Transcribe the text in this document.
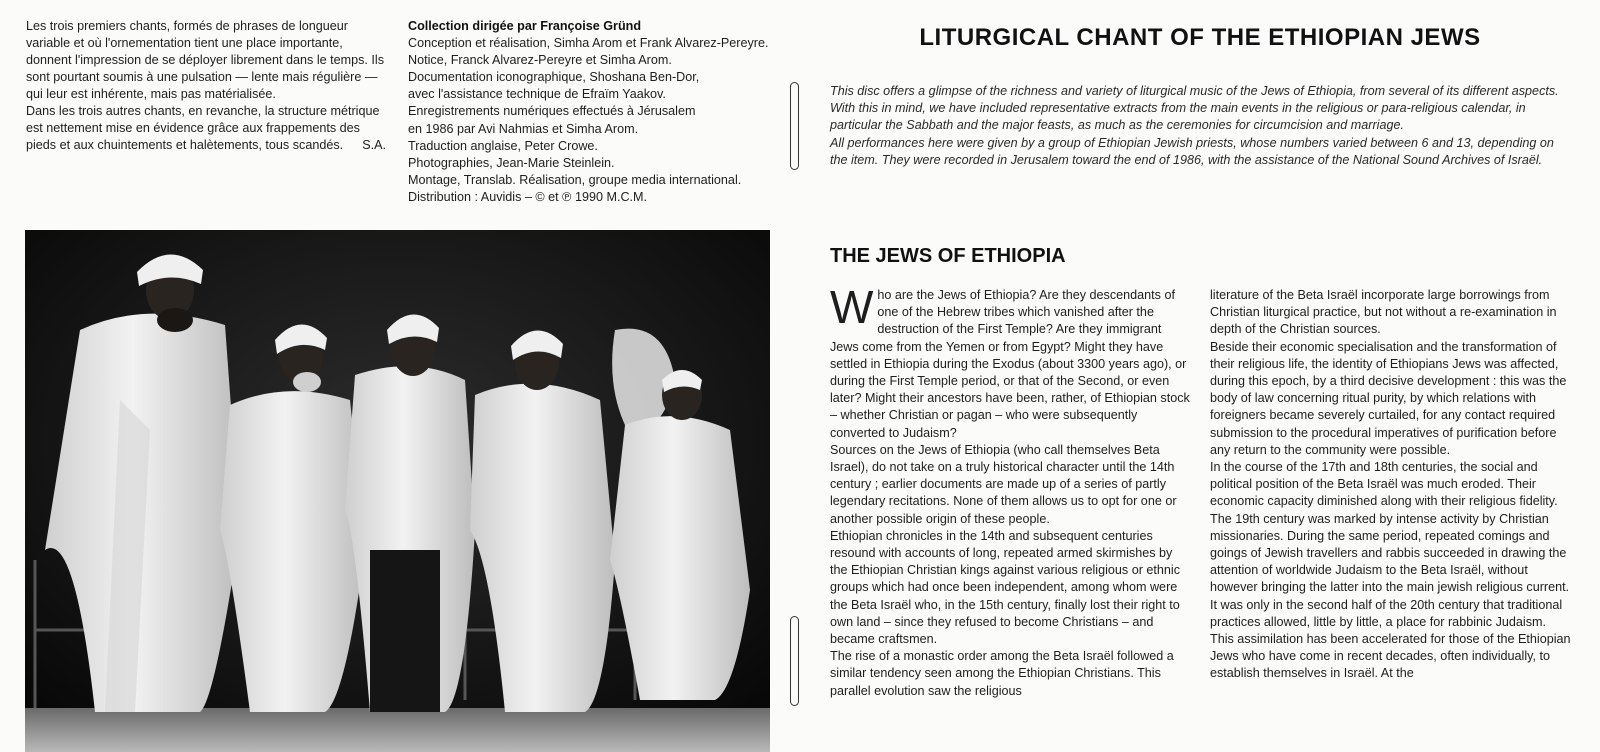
Les trois premiers chants, formés de phrases de longueur variable et où l'ornementation tient une place importante,

donnent l'impression de se déployer librement dans le temps. Ils sont pourtant soumis à une pulsation — lente mais régulière — qui leur est inhérente, mais pas matérialisée.

Dans les trois autres chants, en revanche, la structure métrique est nettement mise en évidence grâce aux frappements des pieds et aux chuintements et halètements, tous scandés.	S.A.
Collection dirigée par Françoise Gründ
Conception et réalisation, Simha Arom et Frank Alvarez-Pereyre.
Notice, Franck Alvarez-Pereyre et Simha Arom.
Documentation iconographique, Shoshana Ben-Dor,
avec l'assistance technique de Efraïm Yaakov.
Enregistrements numériques effectués à Jérusalem
en 1986 par Avi Nahmias et Simha Arom.
Traduction anglaise, Peter Crowe.
Photographies, Jean-Marie Steinlein.
Montage, Translab. Réalisation, groupe media international.
Distribution : Auvidis – © et ℗ 1990 M.C.M.
LITURGICAL CHANT OF THE ETHIOPIAN JEWS

This disc offers a glimpse of the richness and variety of liturgical music of the Jews of Ethiopia, from several of its different aspects. With this in mind, we have included representative extracts from the main events in the religious or para-religious calendar, in particular the Sabbath and the major feasts, as much as the ceremonies for circumcision and marriage.

All performances here were given by a group of Ethiopian Jewish priests, whose numbers varied between 6 and 13, depending on the item. They were recorded in Jerusalem toward the end of 1986, with the assistance of the National Sound Archives of Israël.

THE JEWS OF ETHIOPIA

Who are the Jews of Ethiopia? Are they descendants of one of the Hebrew tribes which vanished after the destruction of the First Temple? Are they immigrant Jews come from the Yemen or from Egypt? Might they have settled in Ethiopia during the Exodus (about 3300 years ago), or during the First Temple period, or that of the Second, or even later? Might their ancestors have been, rather, of Ethiopian stock – whether Christian or pagan – who were subsequently converted to Judaism?

Sources on the Jews of Ethiopia (who call themselves Beta Israel), do not take on a truly historical character until the 14th century ; earlier documents are made up of a series of partly legendary recitations. None of them allows us to opt for one or another possible origin of these people.

Ethiopian chronicles in the 14th and subsequent centuries resound with accounts of long, repeated armed skirmishes by the Ethiopian Christian kings against various religious or ethnic groups which had once been independent, among whom were the Beta Israël who, in the 15th century, finally lost their right to own land – since they refused to become Christians – and became craftsmen.

The rise of a monastic order among the Beta Israël followed a similar tendency seen among the Ethiopian Christians. This parallel evolution saw the religious

literature of the Beta Israël incorporate large borrowings from Christian liturgical practice, but not without a re-examination in depth of the Christian sources.

Beside their economic specialisation and the transformation of their religious life, the identity of Ethiopians Jews was affected, during this epoch, by a third decisive development : this was the body of law concerning ritual purity, by which relations with foreigners became severely curtailed, for any contact required submission to the procedural imperatives of purification before any return to the community were possible.

In the course of the 17th and 18th centuries, the social and political position of the Beta Israël was much eroded. Their economic capacity diminished along with their religious fidelity.

The 19th century was marked by intense activity by Christian missionaries. During the same period, repeated comings and goings of Jewish travellers and rabbis succeeded in drawing the attention of worldwide Judaism to the Beta Israël, without however bringing the latter into the main jewish religious current. It was only in the second half of the 20th century that traditional practices allowed, little by little, a place for rabbinic Judaism.

This assimilation has been accelerated for those of the Ethiopian Jews who have come in recent decades, often individually, to establish themselves in Israël. At the
